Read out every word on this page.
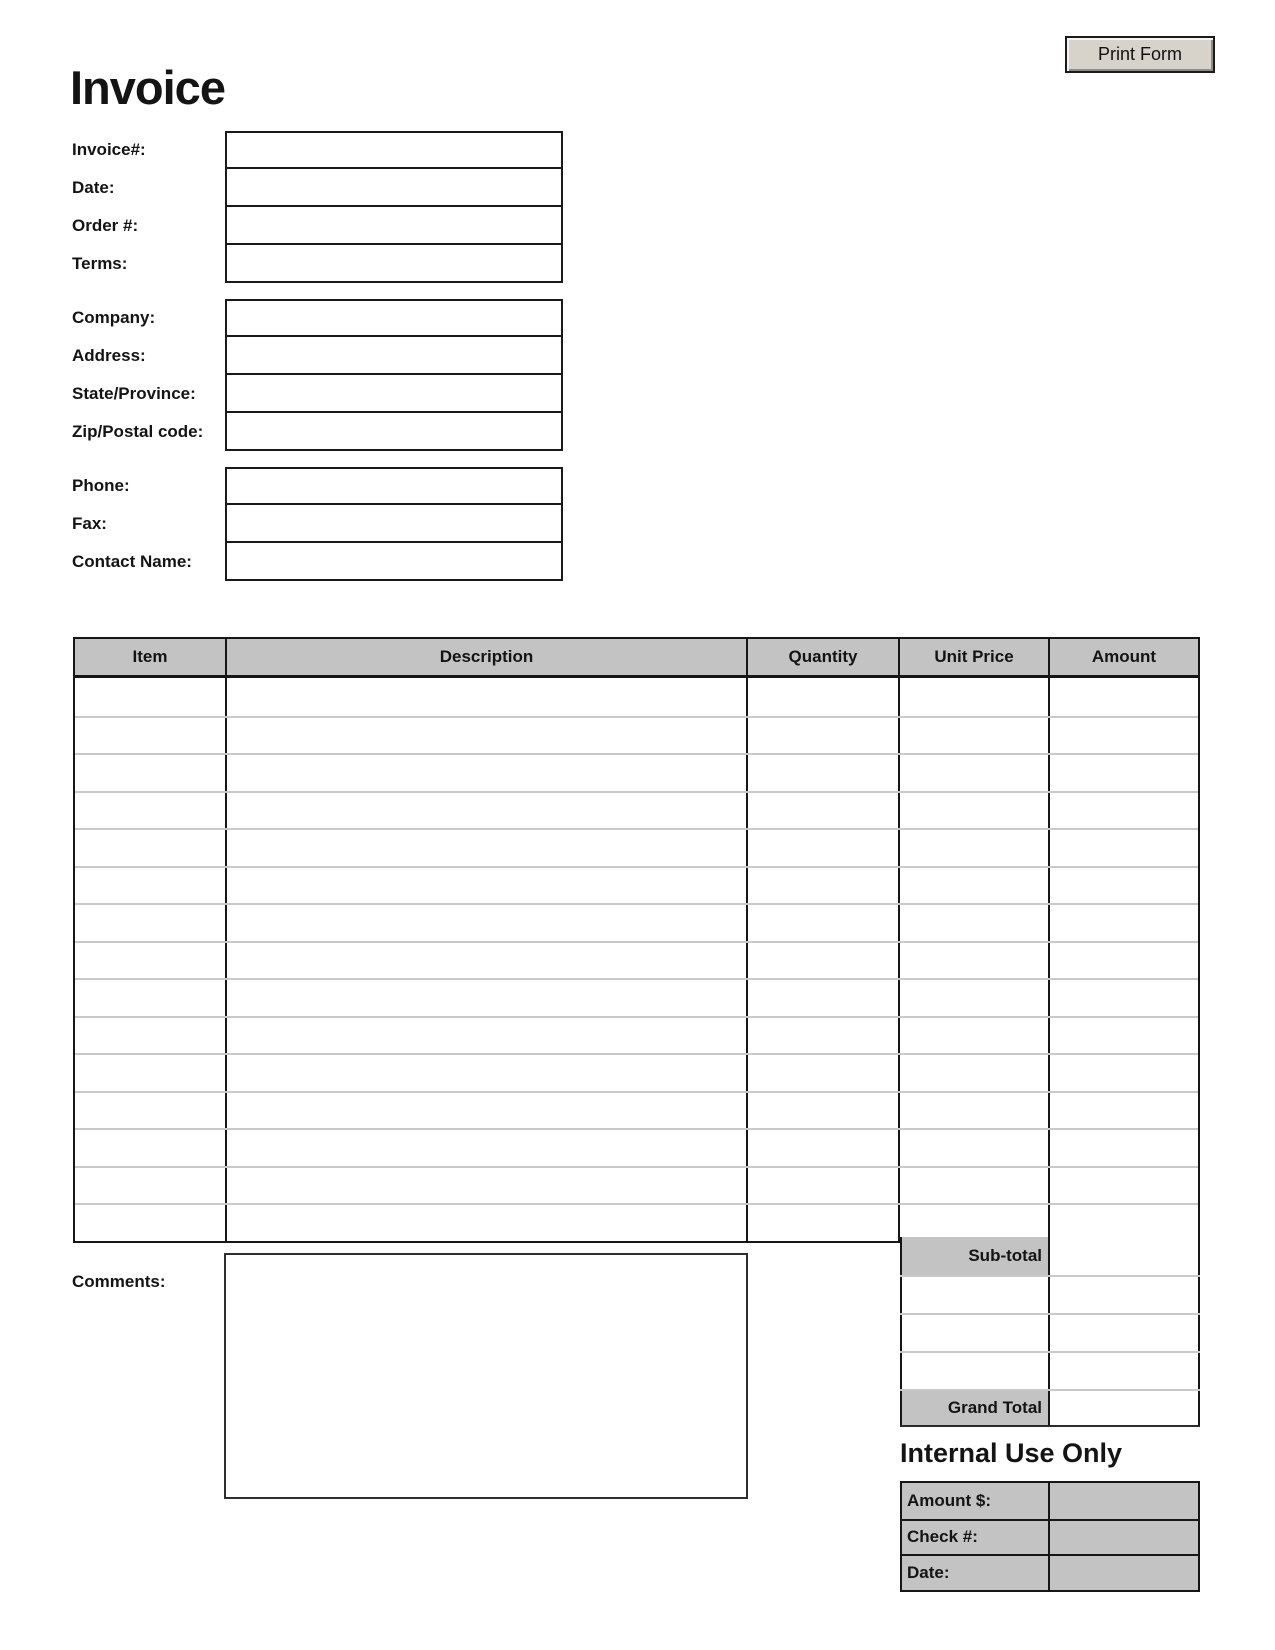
Print Form
Invoice
Invoice#:
Date:
Order #:
Terms:
Company:
Address:
State/Province:
Zip/Postal code:
Phone:
Fax:
Contact Name:
Item	Description	Quantity	Unit Price	Amount
Sub-total
Grand Total
Comments:
Internal Use Only
Amount $:
Check #:
Date:
